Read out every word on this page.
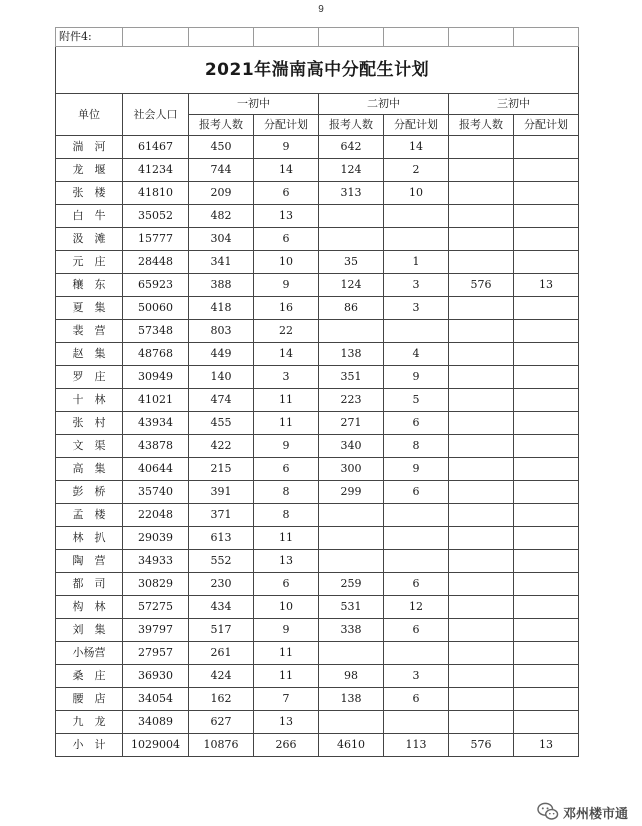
9
附件4:							
2021年湍南高中分配生计划							
单位	社会人口	一初中		二初中		三初中	
		报考人数	分配计划	报考人数	分配计划	报考人数	分配计划
湍　河	61467	450	9	642	14		
龙　堰	41234	744	14	124	2		
张　楼	41810	209	6	313	10		
白　牛	35052	482	13				
汲　滩	15777	304	6				
元　庄	28448	341	10	35	1		
穰　东	65923	388	9	124	3	576	13
夏　集	50060	418	16	86	3		
裴　营	57348	803	22				
赵　集	48768	449	14	138	4		
罗　庄	30949	140	3	351	9		
十　林	41021	474	11	223	5		
张　村	43934	455	11	271	6		
文　渠	43878	422	9	340	8		
高　集	40644	215	6	300	9		
彭　桥	35740	391	8	299	6		
孟　楼	22048	371	8				
林　扒	29039	613	11				
陶　营	34933	552	13				
都　司	30829	230	6	259	6		
构　林	57275	434	10	531	12		
刘　集	39797	517	9	338	6		
小杨营	27957	261	11				
桑　庄	36930	424	11	98	3		
腰　店	34054	162	7	138	6		
九　龙	34089	627	13				
小　计	1029004	10876	266	4610	113	576	13
邓州楼市通
